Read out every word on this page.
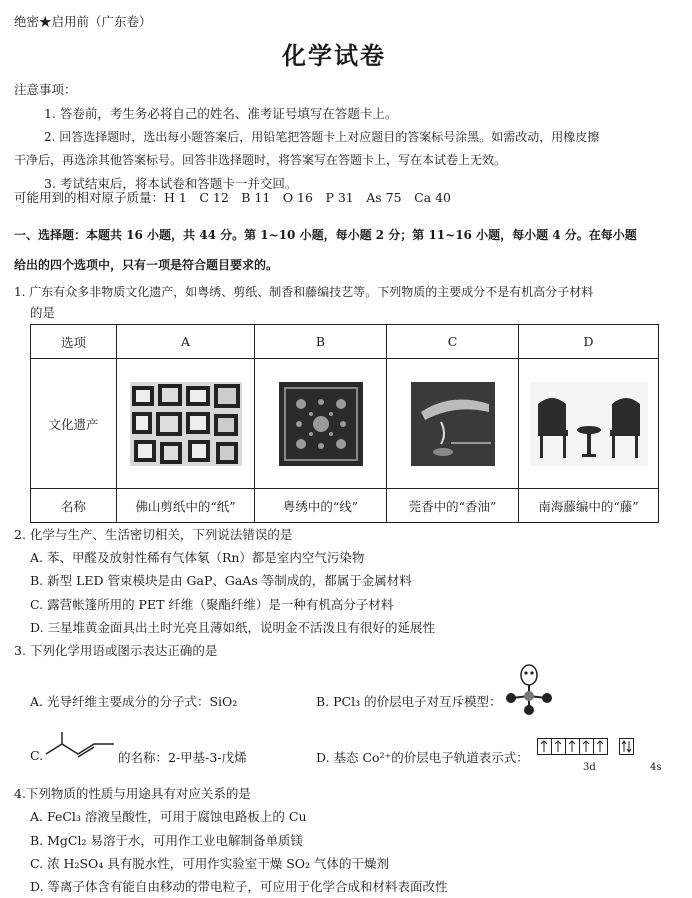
绝密★启用前（广东卷）
化学试卷
注意事项：
1. 答卷前，考生务必将自己的姓名、准考证号填写在答题卡上。
2. 回答选择题时，选出每小题答案后，用铅笔把答题卡上对应题目的答案标号涂黑。如需改动，用橡皮擦
干净后，再选涂其他答案标号。回答非选择题时，将答案写在答题卡上，写在本试卷上无效。
3. 考试结束后，将本试卷和答题卡一并交回。
可能用到的相对原子质量：H 1　C 12　B 11　O 16　P 31　As 75　Ca 40
一、选择题：本题共 16 小题，共 44 分。第 1~10 小题，每小题 2 分；第 11~16 小题，每小题 4 分。在每小题
给出的四个选项中，只有一项是符合题目要求的。
1. 广东有众多非物质文化遗产，如粤绣、剪纸、制香和藤编技艺等。下列物质的主要成分不是有机高分子材料
的是
选项	A	B	C	D
文化遗产	

名称	佛山剪纸中的“纸”	粤绣中的“线”	莞香中的“香油”	南海藤编中的“藤”
2. 化学与生产、生活密切相关，下列说法错误的是
A. 苯、甲醛及放射性稀有气体氡（Rn）都是室内空气污染物
B. 新型 LED 管束模块是由 GaP、GaAs 等制成的，都属于金属材料
C. 露营帐篷所用的 PET 纤维（聚酯纤维）是一种有机高分子材料
D. 三星堆黄金面具出土时光亮且薄如纸，说明金不活泼且有很好的延展性
3. 下列化学用语或图示表达正确的是
A. 光导纤维主要成分的分子式：SiO₂	B. PCl₃ 的价层电子对互斥模型：
C.	的名称：2-甲基-3-戊烯	D. 基态 Co²⁺的价层电子轨道表示式：
3d	4s
4.下列物质的性质与用途具有对应关系的是
A. FeCl₃ 溶液呈酸性，可用于腐蚀电路板上的 Cu
B. MgCl₂ 易溶于水，可用作工业电解制备单质镁
C. 浓 H₂SO₄ 具有脱水性，可用作实验室干燥 SO₂ 气体的干燥剂
D. 等离子体含有能自由移动的带电粒子，可应用于化学合成和材料表面改性
